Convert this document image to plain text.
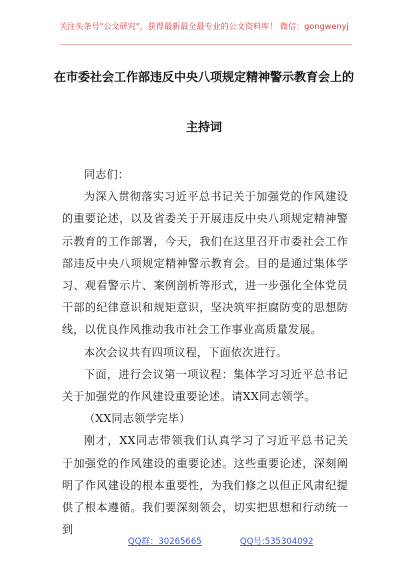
关注头条号"公文研究"，获得最新最全最专业的公文资料库！ 微信：gongwenyj
在市委社会工作部违反中央八项规定精神警示教育会上的
主持词

同志们：

为深入贯彻落实习近平总书记关于加强党的作风建设的重要论述，以及省委关于开展违反中央八项规定精神警示教育的工作部署，今天，我们在这里召开市委社会工作部违反中央八项规定精神警示教育会。目的是通过集体学习、观看警示片、案例剖析等形式，进一步强化全体党员干部的纪律意识和规矩意识，坚决筑牢拒腐防变的思想防线，以优良作风推动我市社会工作事业高质量发展。

本次会议共有四项议程，下面依次进行。

下面，进行会议第一项议程：集体学习习近平总书记关于加强党的作风建设重要论述。请XX同志领学。

（XX同志领学完毕）

刚才，XX同志带领我们认真学习了习近平总书记关于加强党的作风建设的重要论述。这些重要论述，深刻阐明了作风建设的根本重要性，为我们修之以但正风肃纪提供了根本遵循。我们要深刻领会，切实把思想和行动统一到

QQ群：30265665	QQ号:535304092
